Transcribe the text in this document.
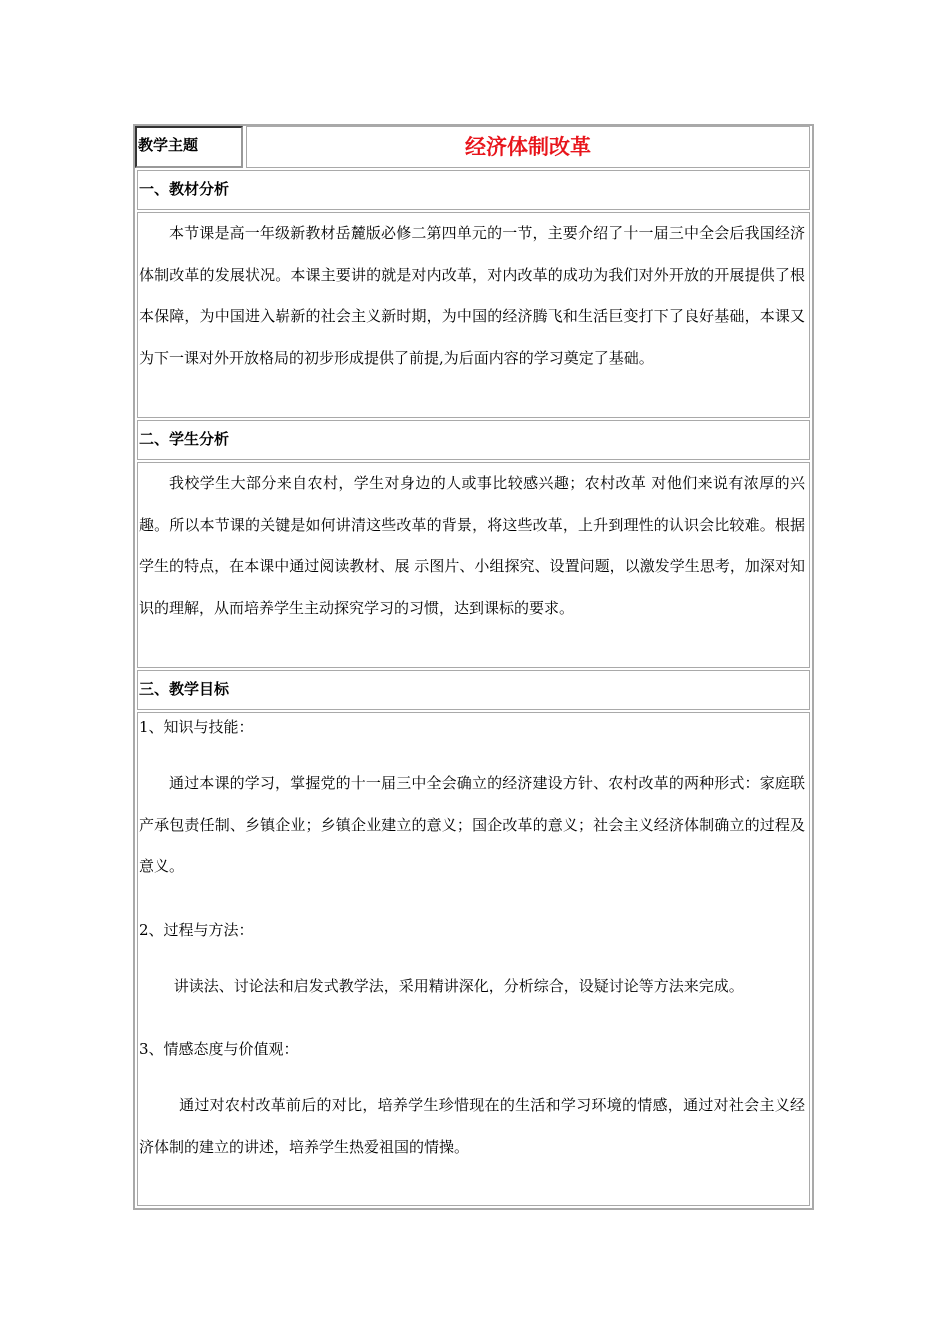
教学主题	经济体制改革
一、教材分析

本节课是高一年级新教材岳麓版必修二第四单元的一节，主要介绍了十一届三中全会后我国经济体制改革的发展状况。本课主要讲的就是对内改革，对内改革的成功为我们对外开放的开展提供了根本保障，为中国进入崭新的社会主义新时期，为中国的经济腾飞和生活巨变打下了良好基础，本课又为下一课对外开放格局的初步形成提供了前提,为后面内容的学习奠定了基础。

二、学生分析

我校学生大部分来自农村，学生对身边的人或事比较感兴趣；农村改革 对他们来说有浓厚的兴趣。所以本节课的关键是如何讲清这些改革的背景，将这些改革，上升到理性的认识会比较难。根据学生的特点，在本课中通过阅读教材、展 示图片、小组探究、设置问题，以激发学生思考，加深对知识的理解，从而培养学生主动探究学习的习惯，达到课标的要求。

三、教学目标

1、知识与技能：

通过本课的学习，掌握党的十一届三中全会确立的经济建设方针、农村改革的两种形式：家庭联产承包责任制、乡镇企业；乡镇企业建立的意义；国企改革的意义；社会主义经济体制确立的过程及意义。

2、过程与方法：

讲读法、讨论法和启发式教学法，采用精讲深化，分析综合，设疑讨论等方法来完成。

3、情感态度与价值观：

通过对农村改革前后的对比，培养学生珍惜现在的生活和学习环境的情感，通过对社会主义经济体制的建立的讲述，培养学生热爱祖国的情操。
